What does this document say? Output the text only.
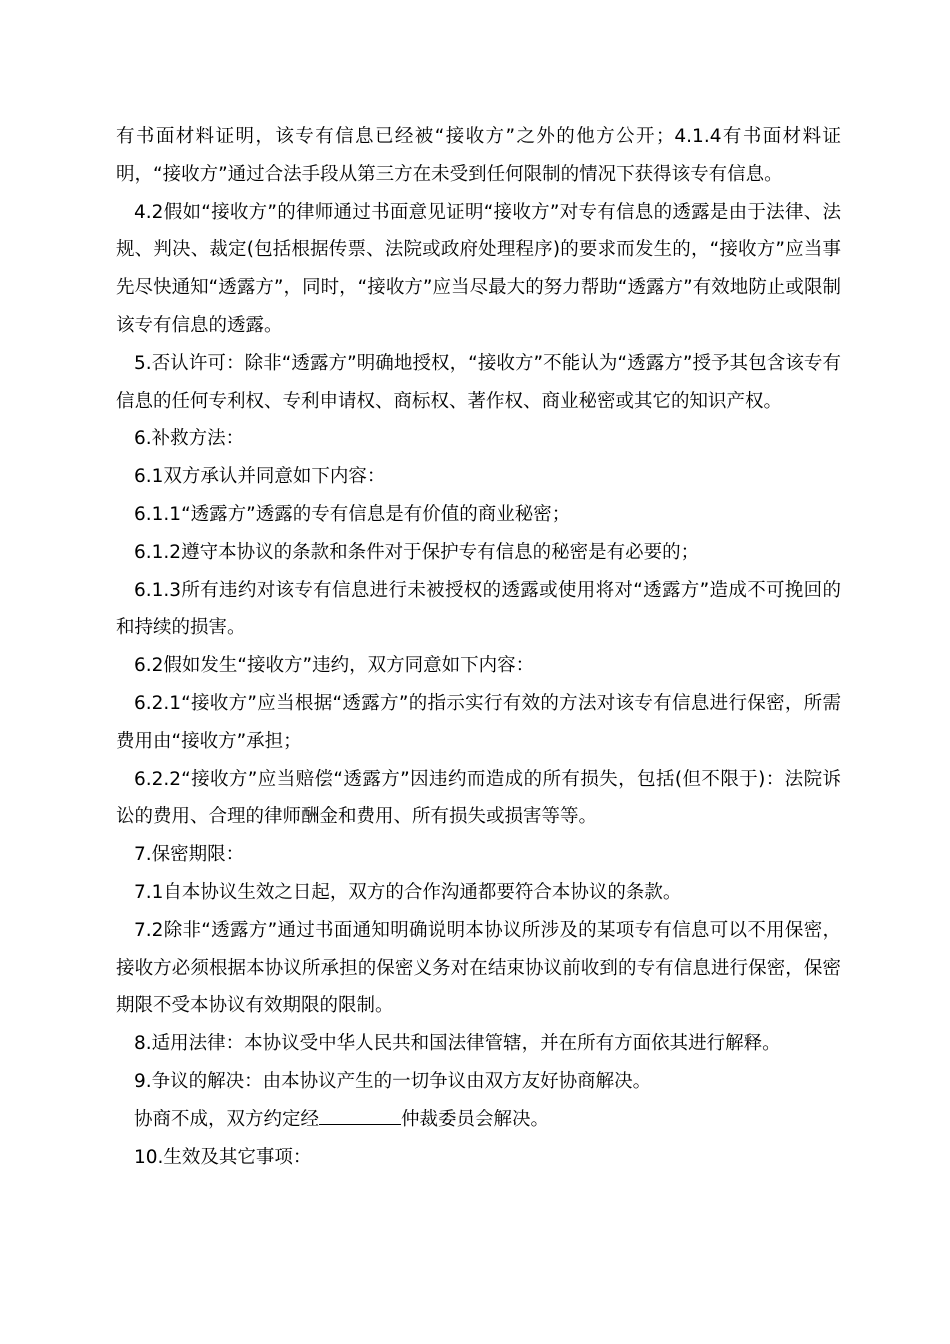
有书面材料证明，该专有信息已经被“接收方”之外的他方公开；4.1.4有书面材料证明，“接收方”通过合法手段从第三方在未受到任何限制的情况下获得该专有信息。

4.2假如“接收方”的律师通过书面意见证明“接收方”对专有信息的透露是由于法律、法规、判决、裁定(包括根据传票、法院或政府处理程序)的要求而发生的，“接收方”应当事先尽快通知“透露方”，同时，“接收方”应当尽最大的努力帮助“透露方”有效地防止或限制该专有信息的透露。

5.否认许可：除非“透露方”明确地授权，“接收方”不能认为“透露方”授予其包含该专有信息的任何专利权、专利申请权、商标权、著作权、商业秘密或其它的知识产权。

6.补救方法：

6.1双方承认并同意如下内容：

6.1.1“透露方”透露的专有信息是有价值的商业秘密；

6.1.2遵守本协议的条款和条件对于保护专有信息的秘密是有必要的；

6.1.3所有违约对该专有信息进行未被授权的透露或使用将对“透露方”造成不可挽回的和持续的损害。

6.2假如发生“接收方”违约，双方同意如下内容：

6.2.1“接收方”应当根据“透露方”的指示实行有效的方法对该专有信息进行保密，所需费用由“接收方”承担；

6.2.2“接收方”应当赔偿“透露方”因违约而造成的所有损失，包括(但不限于)：法院诉讼的费用、合理的律师酬金和费用、所有损失或损害等等。

7.保密期限：

7.1自本协议生效之日起，双方的合作沟通都要符合本协议的条款。

7.2除非“透露方”通过书面通知明确说明本协议所涉及的某项专有信息可以不用保密，接收方必须根据本协议所承担的保密义务对在结束协议前收到的专有信息进行保密，保密期限不受本协议有效期限的限制。

8.适用法律：本协议受中华人民共和国法律管辖，并在所有方面依其进行解释。

9.争议的解决：由本协议产生的一切争议由双方友好协商解决。

协商不成，双方约定经	仲裁委员会解决。

10.生效及其它事项：
